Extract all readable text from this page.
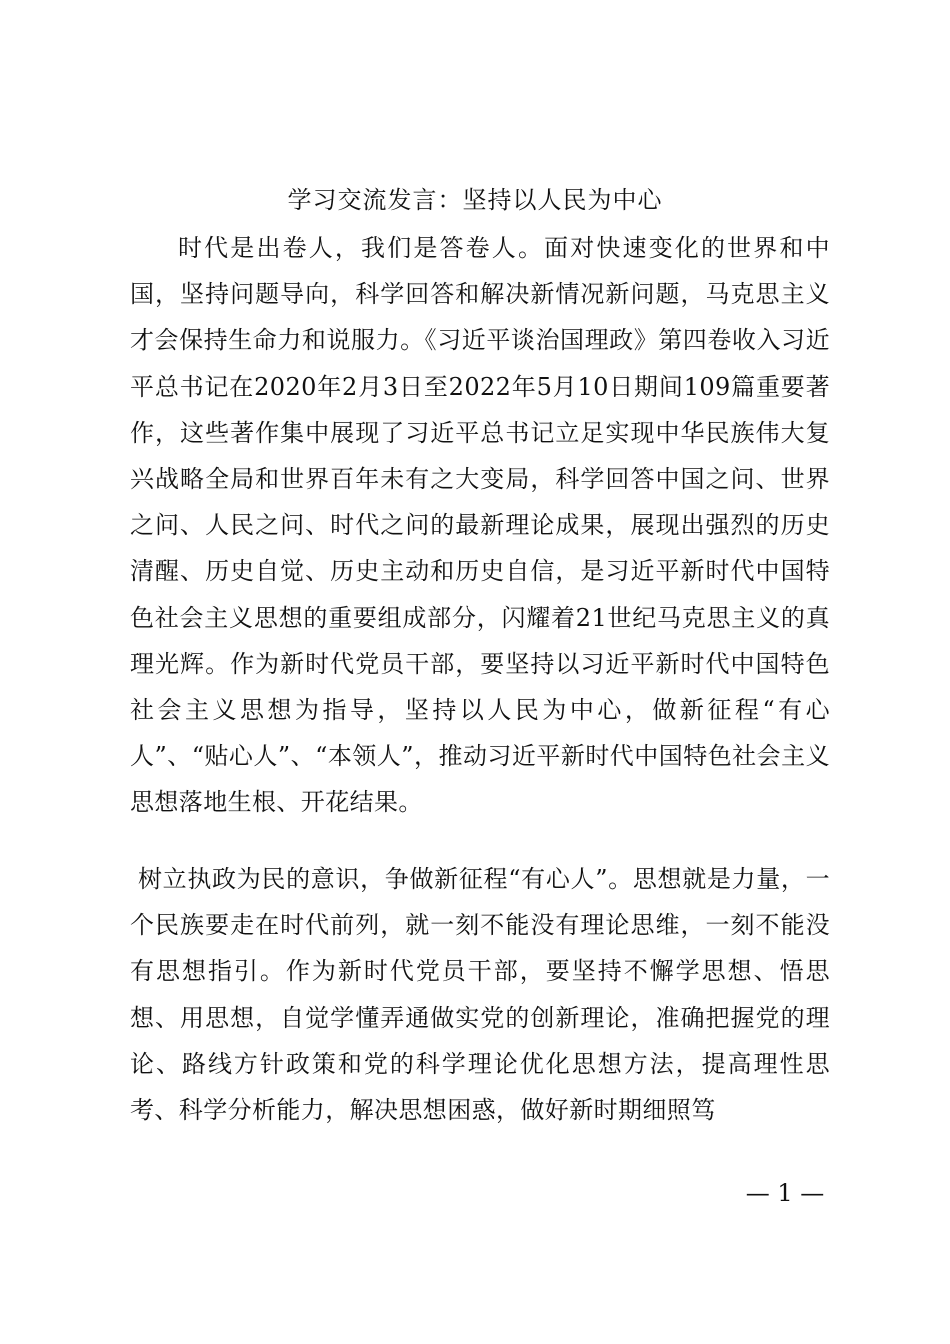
学习交流发言：坚持以人民为中心

时代是出卷人，我们是答卷人。面对快速变化的世界和中国，坚持问题导向，科学回答和解决新情况新问题，马克思主义才会保持生命力和说服力。《习近平谈治国理政》第四卷收入习近平总书记在2020年2月3日至2022年5月10日期间109篇重要著作，这些著作集中展现了习近平总书记立足实现中华民族伟大复兴战略全局和世界百年未有之大变局，科学回答中国之问、世界之问、人民之问、时代之问的最新理论成果，展现出强烈的历史清醒、历史自觉、历史主动和历史自信，是习近平新时代中国特色社会主义思想的重要组成部分，闪耀着21世纪马克思主义的真理光辉。作为新时代党员干部，要坚持以习近平新时代中国特色社会主义思想为指导，坚持以人民为中心，做新征程“有心人”、“贴心人”、“本领人”，推动习近平新时代中国特色社会主义思想落地生根、开花结果。

树立执政为民的意识，争做新征程“有心人”。思想就是力量，一个民族要走在时代前列，就一刻不能没有理论思维，一刻不能没有思想指引。作为新时代党员干部，要坚持不懈学思想、悟思想、用思想，自觉学懂弄通做实党的创新理论，准确把握党的理论、路线方针政策和党的科学理论优化思想方法，提高理性思考、科学分析能力，解决思想困惑，做好新时期细照笃

— 1 —
